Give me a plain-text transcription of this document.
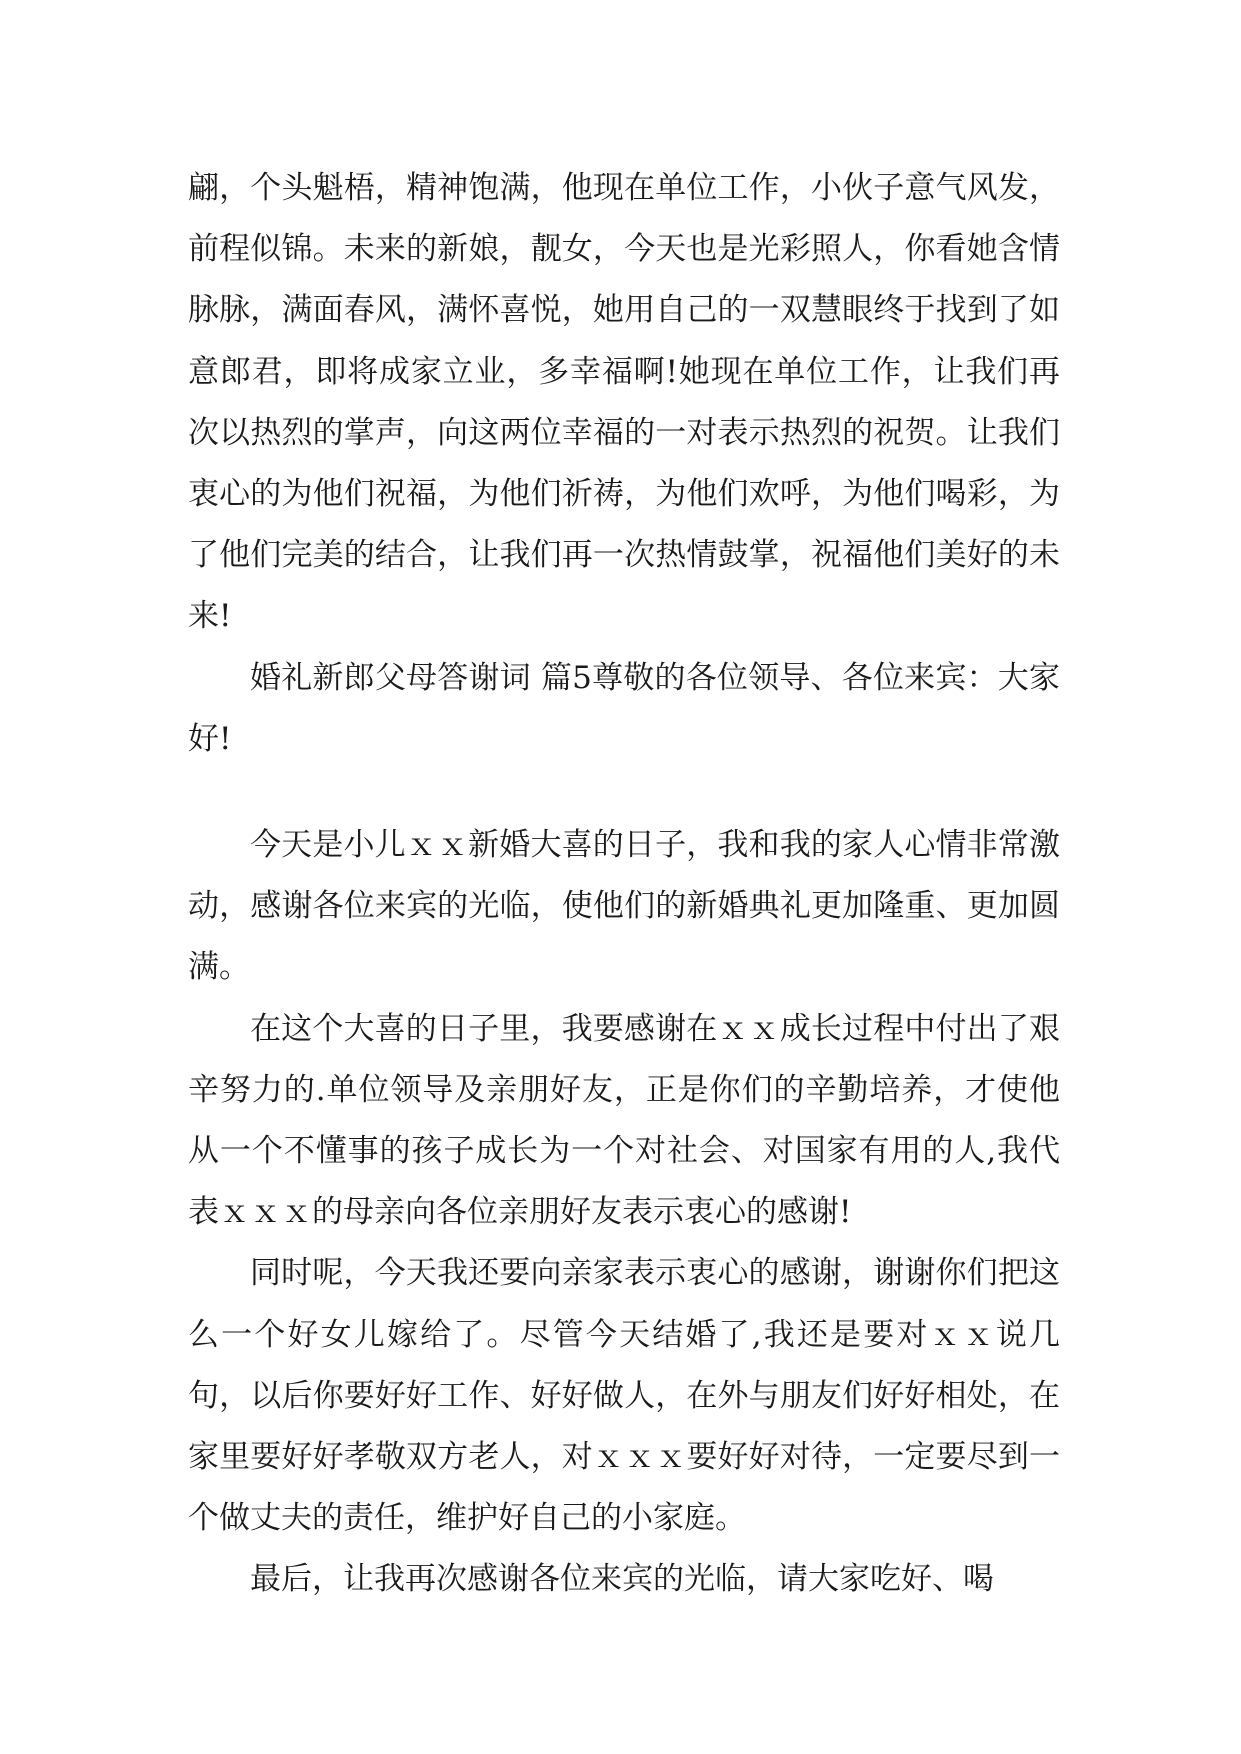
翩，个头魁梧，精神饱满，他现在单位工作，小伙子意气风发，前程似锦。未来的新娘，靓女，今天也是光彩照人，你看她含情脉脉，满面春风，满怀喜悦，她用自己的一双慧眼终于找到了如意郎君，即将成家立业，多幸福啊!她现在单位工作，让我们再次以热烈的掌声，向这两位幸福的一对表示热烈的祝贺。让我们衷心的为他们祝福，为他们祈祷，为他们欢呼，为他们喝彩，为了他们完美的结合，让我们再一次热情鼓掌，祝福他们美好的未来!

婚礼新郎父母答谢词 篇5尊敬的各位领导、各位来宾：大家好!

今天是小儿ｘｘ新婚大喜的日子，我和我的家人心情非常激动，感谢各位来宾的光临，使他们的新婚典礼更加隆重、更加圆满。

在这个大喜的日子里，我要感谢在ｘｘ成长过程中付出了艰辛努力的.单位领导及亲朋好友，正是你们的辛勤培养，才使他从一个不懂事的孩子成长为一个对社会、对国家有用的人,我代表ｘｘｘ的母亲向各位亲朋好友表示衷心的感谢!

同时呢，今天我还要向亲家表示衷心的感谢，谢谢你们把这么一个好女儿嫁给了。尽管今天结婚了,我还是要对ｘｘ说几句，以后你要好好工作、好好做人，在外与朋友们好好相处，在家里要好好孝敬双方老人，对ｘｘｘ要好好对待，一定要尽到一个做丈夫的责任，维护好自己的小家庭。

最后，让我再次感谢各位来宾的光临，请大家吃好、喝
